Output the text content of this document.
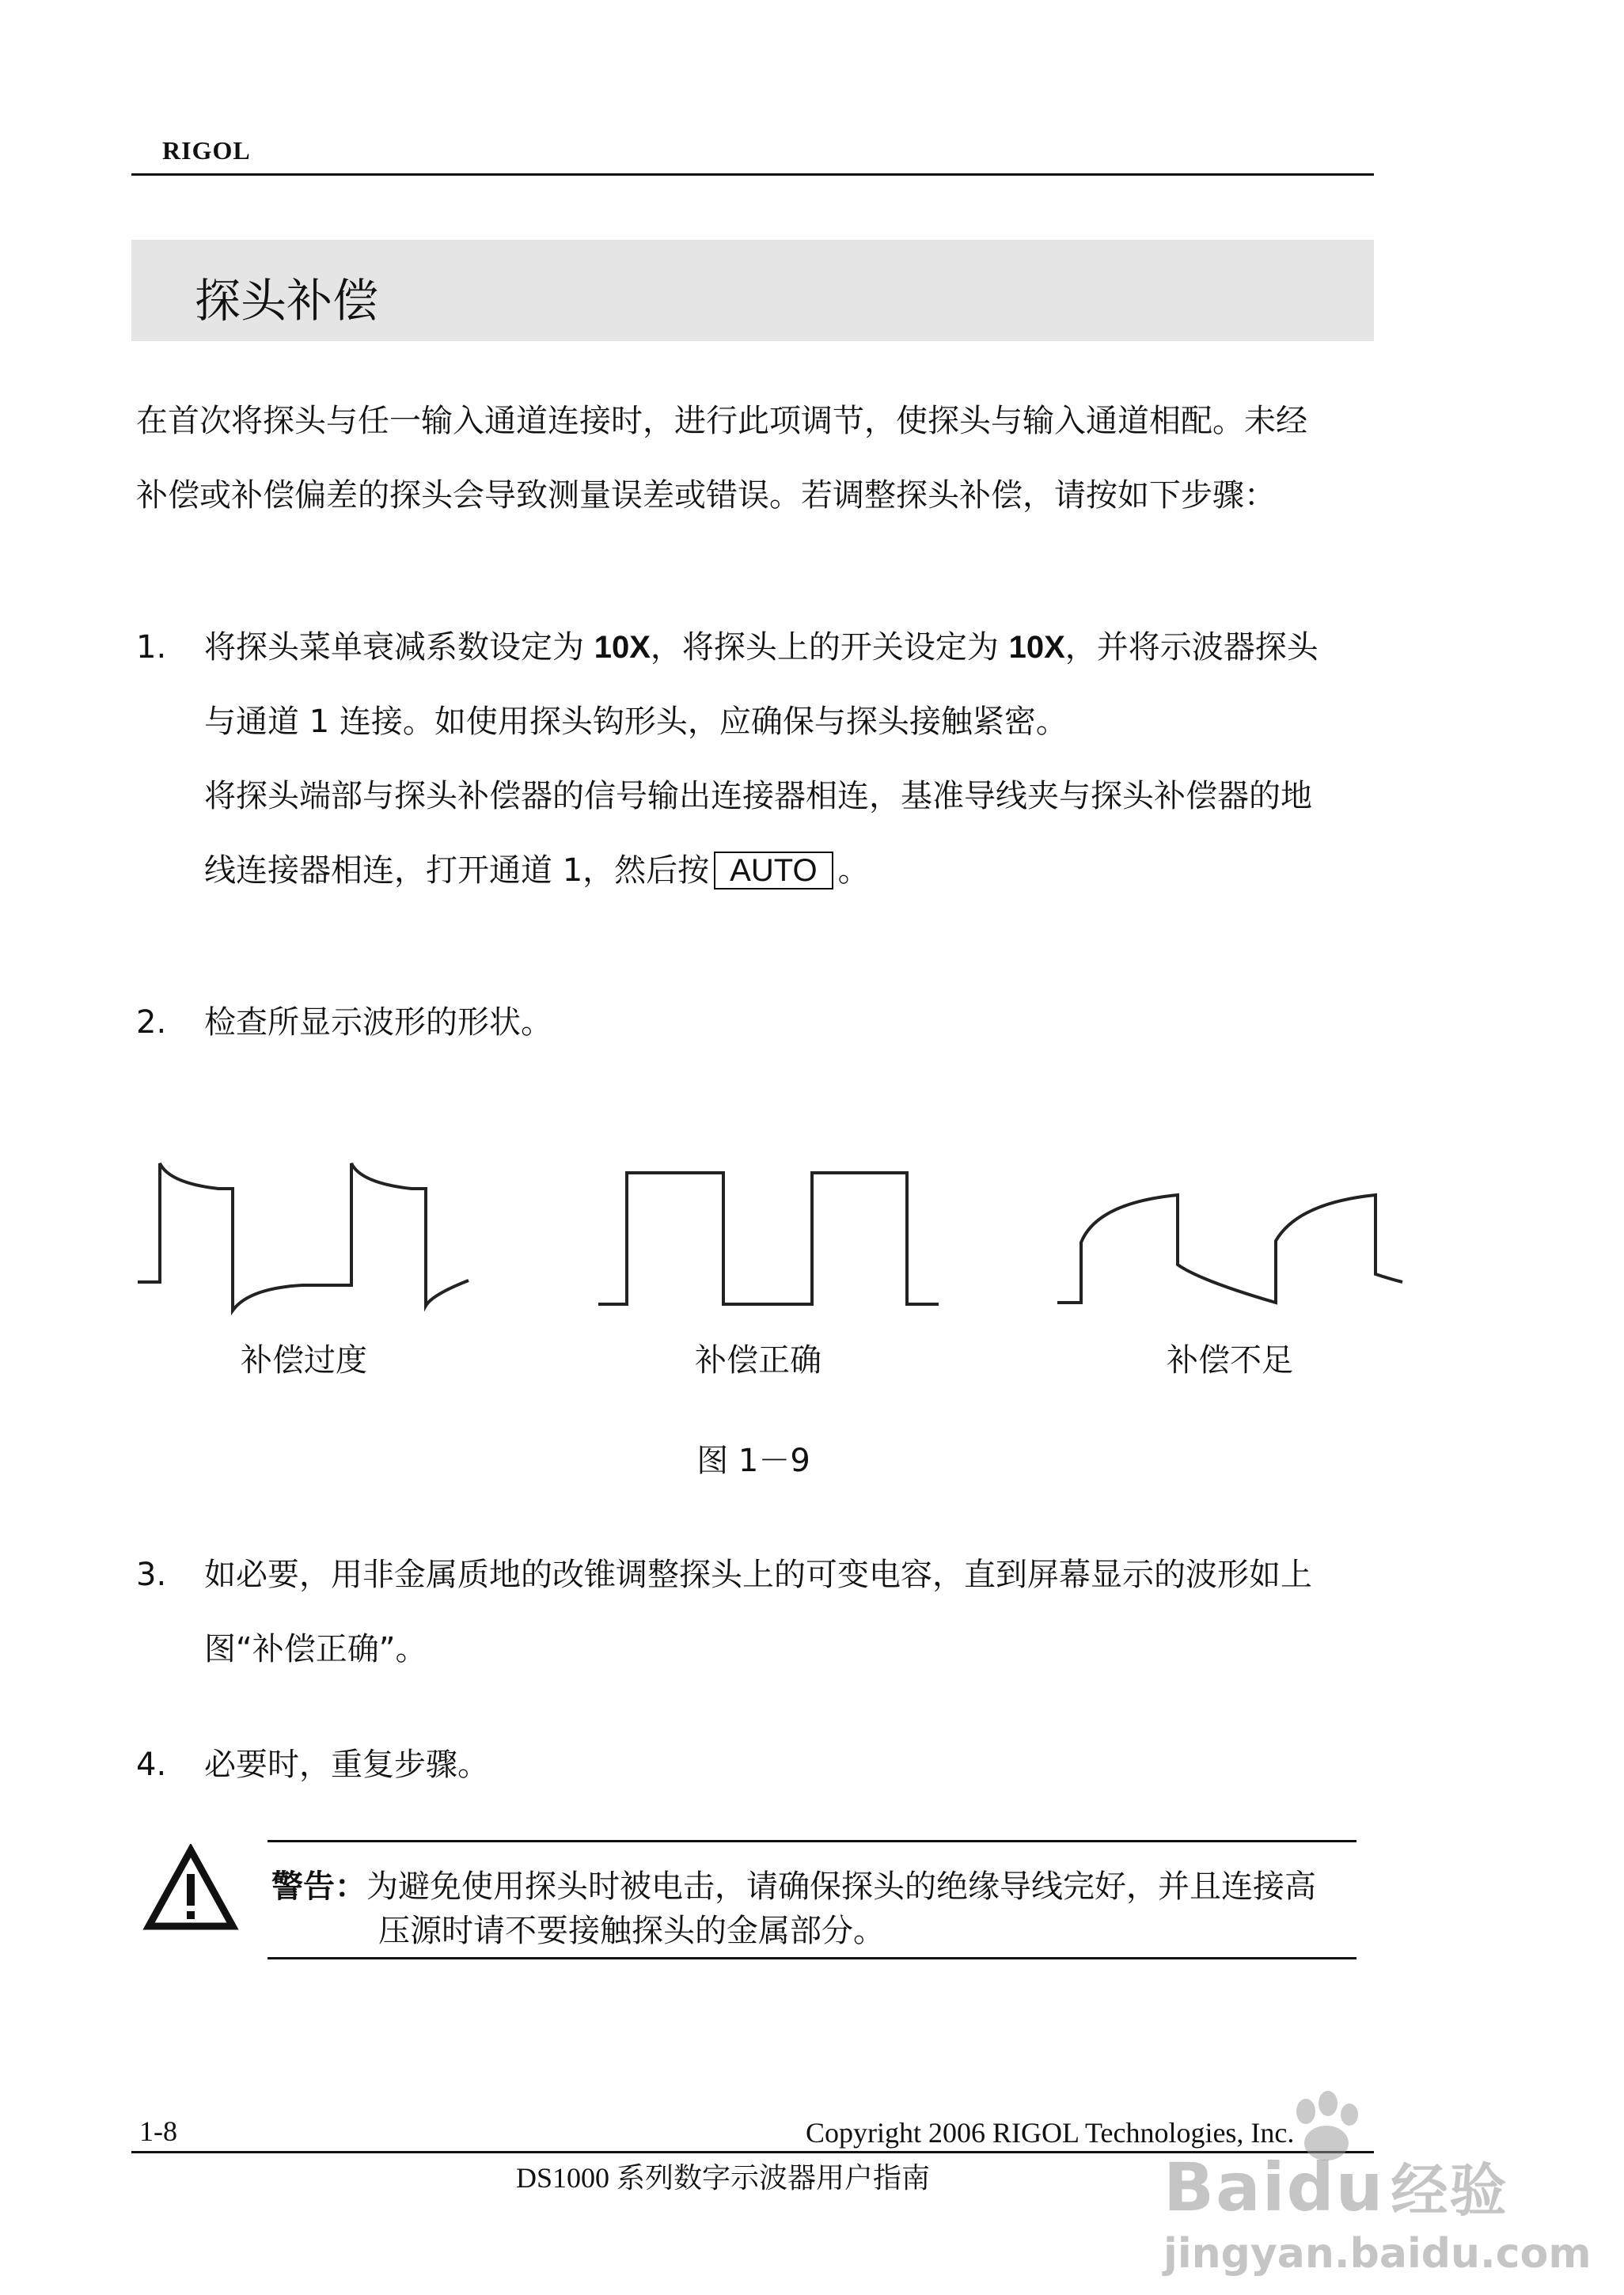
RIGOL
探头补偿
在首次将探头与任一输入通道连接时，进行此项调节，使探头与输入通道相配。未经
补偿或补偿偏差的探头会导致测量误差或错误。若调整探头补偿，请按如下步骤：
1. 将探头菜单衰减系数设定为 10X，将探头上的开关设定为 10X，并将示波器探头
与通道 1 连接。如使用探头钩形头，应确保与探头接触紧密。
将探头端部与探头补偿器的信号输出连接器相连，基准导线夹与探头补偿器的地
线连接器相连，打开通道 1，然后按 AUTO 。
2. 检查所显示波形的形状。
补偿过度	补偿正确	补偿不足
图 1－9
3. 如必要，用非金属质地的改锥调整探头上的可变电容，直到屏幕显示的波形如上
图“补偿正确”。
4. 必要时，重复步骤。
警告：为避免使用探头时被电击，请确保探头的绝缘导线完好，并且连接高
压源时请不要接触探头的金属部分。
1-8	Copyright 2006 RIGOL Technologies, Inc.
DS1000 系列数字示波器用户指南	Baidu 经验
jingyan.baidu.com
